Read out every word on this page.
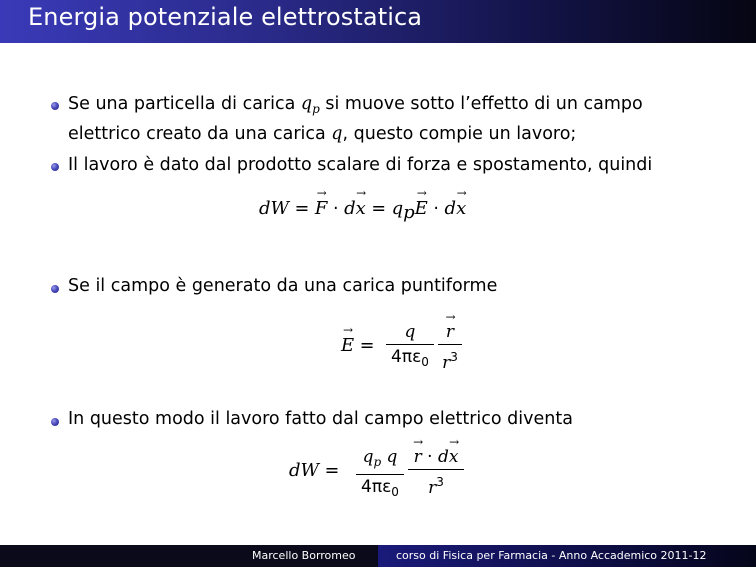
Energia potenziale elettrostatica
Se una particella di carica $q_p$ si muove sotto l’effetto di un campo
elettrico creato da una carica q, questo compie un lavoro;
Il lavoro è dato dal prodotto scalare di forza e spostamento, quindi
dW = → F · d→ x = qp→ E · d→ x
Se il campo è generato da una carica puntiforme
→ E =
q
$4\pi\varepsilon_0$
→ r
$r^3$
In questo modo il lavoro fatto dal campo elettrico diventa
dW =
$q_p$ q
$4\pi\varepsilon_0$
→ r · d→ x
$r^3$
Marcello Borromeo	corso di Fisica per Farmacia - Anno Accademico 2011-12
